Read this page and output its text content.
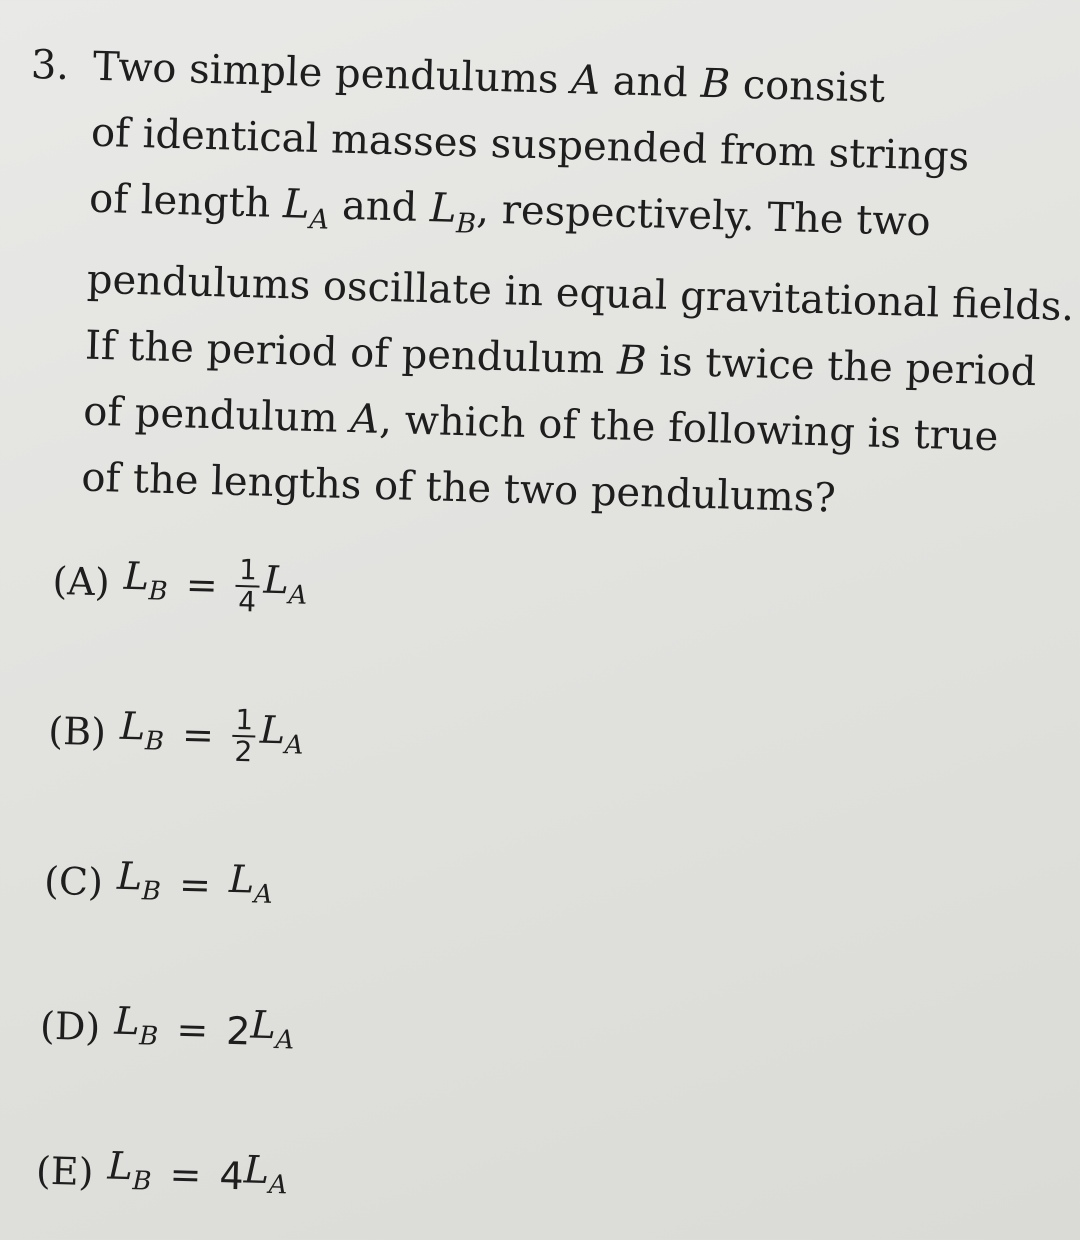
3. Two simple pendulums A and B consist
of identical masses suspended from strings
of length $L_A$ and $L_B$, respectively. The two
pendulums oscillate in equal gravitational fields.
If the period of pendulum B is twice the period
of pendulum A, which of the following is true
of the lengths of the two pendulums?

(A) $L_B = \frac{1}{4} L_A$
(B) $L_B = \frac{1}{2} L_A$
(C) $L_B = L_A$
(D) $L_B = 2$
$L_A$
(E) $L_B = 4$
$L_A$
